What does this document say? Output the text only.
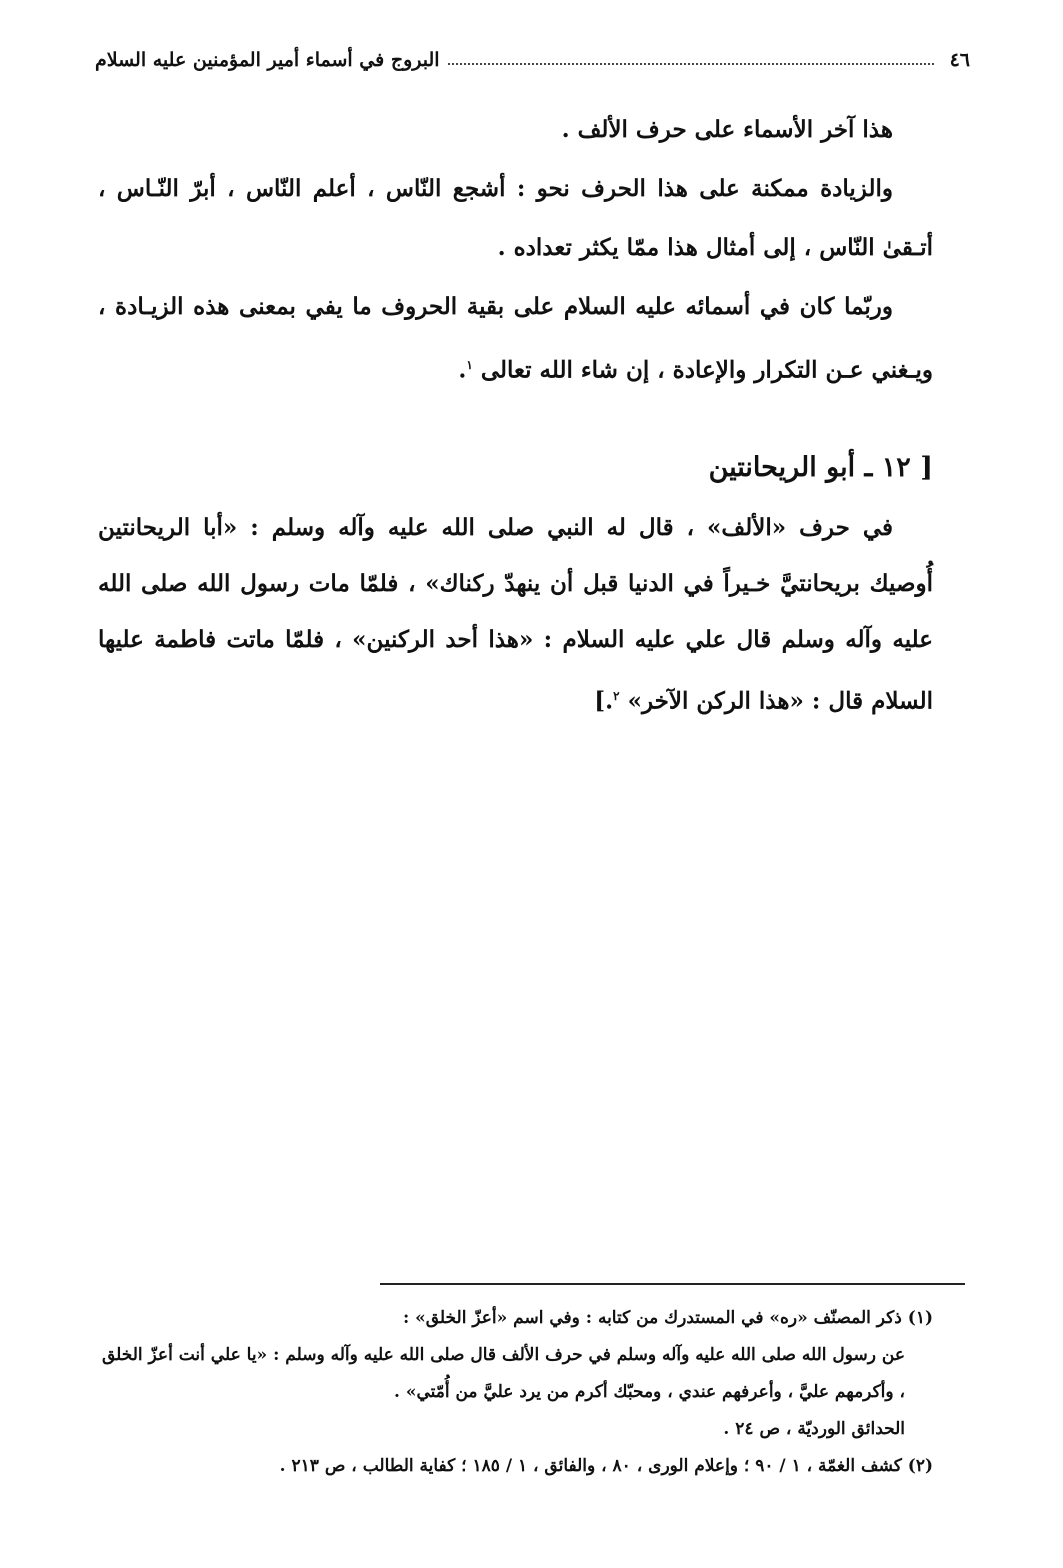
٤٦
البروج في أسماء أمير المؤمنين عليه السلام

هذا آخر الأسماء على حرف الألف .

والزيادة ممكنة على هذا الحرف نحو : أشجع النّاس ، أعلم النّاس ، أبرّ النّـاس ، أتـقىٰ النّاس ، إلى أمثال هذا ممّا يكثر تعداده .

وربّما كان في أسمائه عليه السلام على بقية الحروف ما يفي بمعنى هذه الزيـادة ، ويـغني عـن التكرار والإعادة ، إن شاء الله تعالى $^١$.

[ ١٢ ـ أبو الريحانتين

في حرف «الألف» ، قال له النبي صلى الله عليه وآله وسلم : «أبا الريحانتين أُوصيك بريحانتيَّ خـيراً في الدنيا قبل أن ينهدّ ركناك» ، فلمّا مات رسول الله صلى الله عليه وآله وسلم قال علي عليه السلام : «هذا أحد الركنين» ، فلمّا ماتت فاطمة عليها السلام قال : «هذا الركن الآخر» $^٢$.]

(١) ذكر المصنّف «ره» في المستدرك من كتابه : وفي اسم «أعزّ الخلق» :

عن رسول الله صلى الله عليه وآله وسلم في حرف الألف قال صلى الله عليه وآله وسلم : «يا علي أنت أعزّ الخلق ، وأكرمهم عليَّ ، وأعرفهم عندي ، ومحبّك أكرم من يرد عليَّ من أُمّتي» .

الحدائق الورديّة ، ص ٢٤ .

(٢) كشف الغمّة ، ١ / ٩٠ ؛ وإعلام الورى ، ٨٠ ، والفائق ، ١ / ١٨٥ ؛ كفاية الطالب ، ص ٢١٣ .
